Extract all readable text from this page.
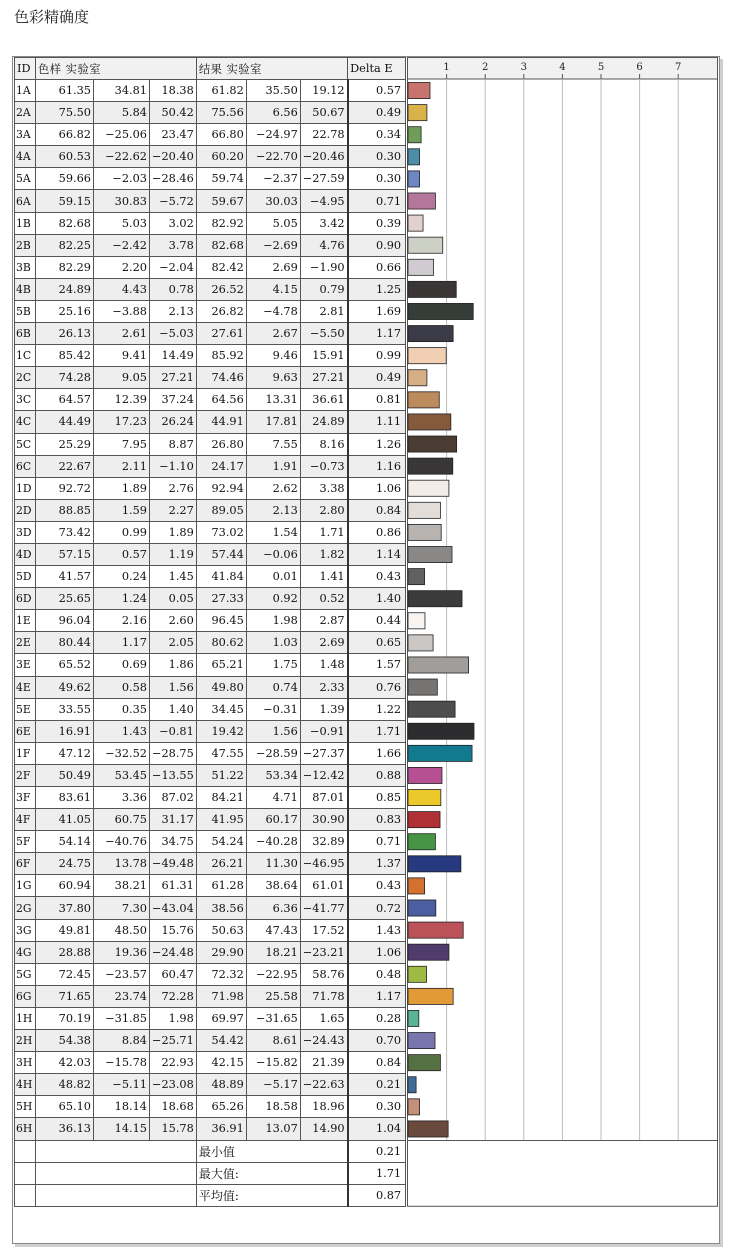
色彩精确度
ID	色样 实验室			结果 实验室			Delta E
1A	61.35	34.81	18.38	61.82	35.50	19.12	0.57
2A	75.50	5.84	50.42	75.56	6.56	50.67	0.49
3A	66.82	−25.06	23.47	66.80	−24.97	22.78	0.34
4A	60.53	−22.62	−20.40	60.20	−22.70	−20.46	0.30
5A	59.66	−2.03	−28.46	59.74	−2.37	−27.59	0.30
6A	59.15	30.83	−5.72	59.67	30.03	−4.95	0.71
1B	82.68	5.03	3.02	82.92	5.05	3.42	0.39
2B	82.25	−2.42	3.78	82.68	−2.69	4.76	0.90
3B	82.29	2.20	−2.04	82.42	2.69	−1.90	0.66
4B	24.89	4.43	0.78	26.52	4.15	0.79	1.25
5B	25.16	−3.88	2.13	26.82	−4.78	2.81	1.69
6B	26.13	2.61	−5.03	27.61	2.67	−5.50	1.17
1C	85.42	9.41	14.49	85.92	9.46	15.91	0.99
2C	74.28	9.05	27.21	74.46	9.63	27.21	0.49
3C	64.57	12.39	37.24	64.56	13.31	36.61	0.81
4C	44.49	17.23	26.24	44.91	17.81	24.89	1.11
5C	25.29	7.95	8.87	26.80	7.55	8.16	1.26
6C	22.67	2.11	−1.10	24.17	1.91	−0.73	1.16
1D	92.72	1.89	2.76	92.94	2.62	3.38	1.06
2D	88.85	1.59	2.27	89.05	2.13	2.80	0.84
3D	73.42	0.99	1.89	73.02	1.54	1.71	0.86
4D	57.15	0.57	1.19	57.44	−0.06	1.82	1.14
5D	41.57	0.24	1.45	41.84	0.01	1.41	0.43
6D	25.65	1.24	0.05	27.33	0.92	0.52	1.40
1E	96.04	2.16	2.60	96.45	1.98	2.87	0.44
2E	80.44	1.17	2.05	80.62	1.03	2.69	0.65
3E	65.52	0.69	1.86	65.21	1.75	1.48	1.57
4E	49.62	0.58	1.56	49.80	0.74	2.33	0.76
5E	33.55	0.35	1.40	34.45	−0.31	1.39	1.22
6E	16.91	1.43	−0.81	19.42	1.56	−0.91	1.71
1F	47.12	−32.52	−28.75	47.55	−28.59	−27.37	1.66
2F	50.49	53.45	−13.55	51.22	53.34	−12.42	0.88
3F	83.61	3.36	87.02	84.21	4.71	87.01	0.85
4F	41.05	60.75	31.17	41.95	60.17	30.90	0.83
5F	54.14	−40.76	34.75	54.24	−40.28	32.89	0.71
6F	24.75	13.78	−49.48	26.21	11.30	−46.95	1.37
1G	60.94	38.21	61.31	61.28	38.64	61.01	0.43
2G	37.80	7.30	−43.04	38.56	6.36	−41.77	0.72
3G	49.81	48.50	15.76	50.63	47.43	17.52	1.43
4G	28.88	19.36	−24.48	29.90	18.21	−23.21	1.06
5G	72.45	−23.57	60.47	72.32	−22.95	58.76	0.48
6G	71.65	23.74	72.28	71.98	25.58	71.78	1.17
1H	70.19	−31.85	1.98	69.97	−31.65	1.65	0.28
2H	54.38	8.84	−25.71	54.42	8.61	−24.43	0.70
3H	42.03	−15.78	22.93	42.15	−15.82	21.39	0.84
4H	48.82	−5.11	−23.08	48.89	−5.17	−22.63	0.21
5H	65.10	18.14	18.68	65.26	18.58	18.96	0.30
6H	36.13	14.15	15.78	36.91	13.07	14.90	1.04
				最小值			0.21
				最大值:			1.71
				平均值:			0.87
1	2	3	4	5	6	7
